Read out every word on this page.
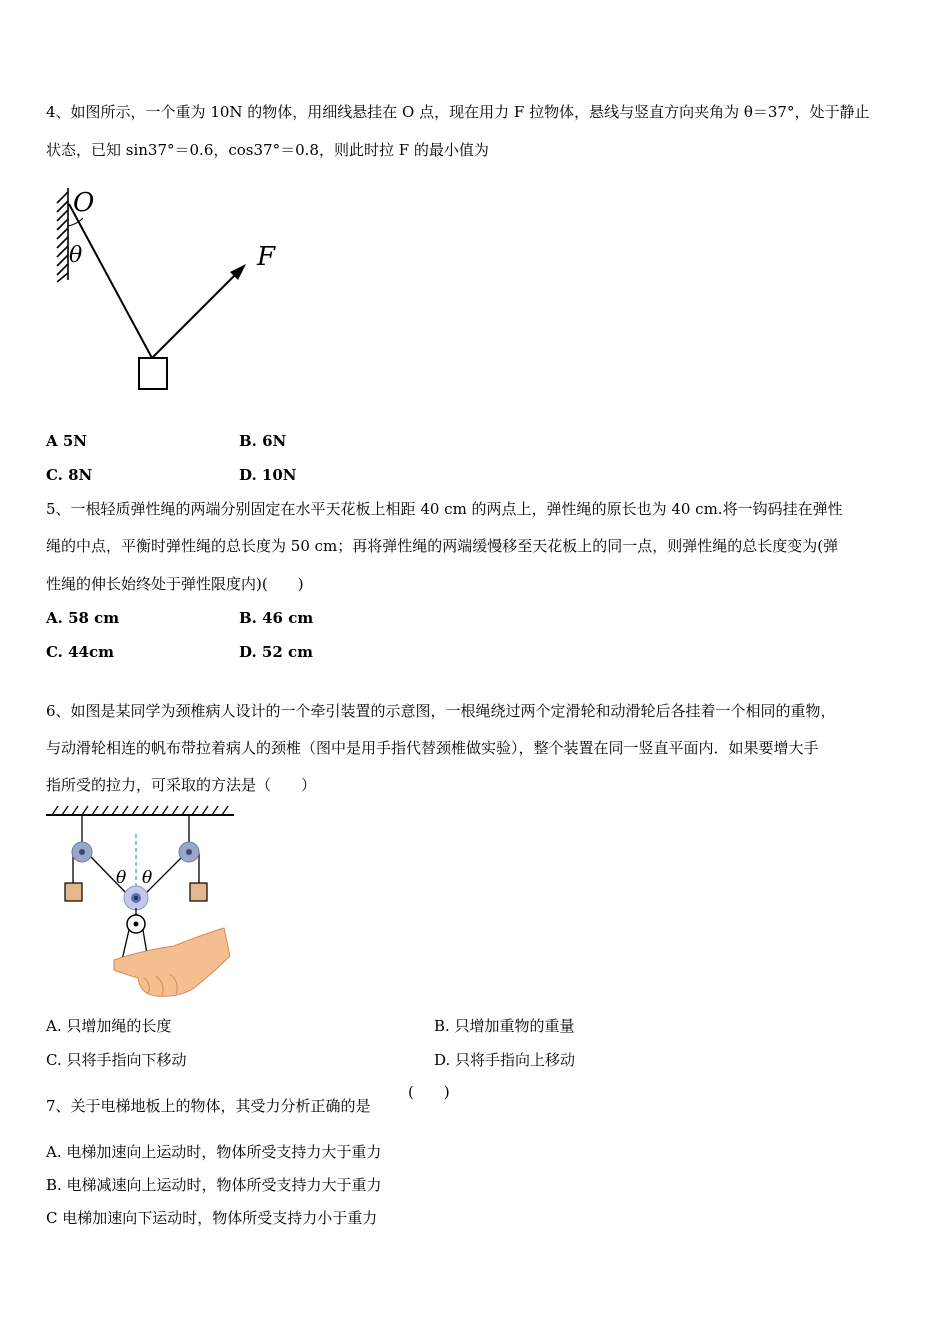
4、如图所示，一个重为 10N 的物体，用细线悬挂在 O 点，现在用力 F 拉物体，悬线与竖直方向夹角为 θ＝37°，处于静止
状态，已知 sin37°＝0.6，cos37°＝0.8，则此时拉 F 的最小值为
O
θ	F
A 5N	B. 6N
C. 8N	D. 10N
5、一根轻质弹性绳的两端分别固定在水平天花板上相距 40 cm 的两点上，弹性绳的原长也为 40 cm.将一钩码挂在弹性
绳的中点，平衡时弹性绳的总长度为 50 cm；再将弹性绳的两端缓慢移至天花板上的同一点，则弹性绳的总长度变为(弹
性绳的伸长始终处于弹性限度内)(　　)
A. 58 cm	B. 46 cm
C. 44cm	D. 52 cm
6、如图是某同学为颈椎病人设计的一个牵引装置的示意图，一根绳绕过两个定滑轮和动滑轮后各挂着一个相同的重物，
与动滑轮相连的帆布带拉着病人的颈椎（图中是用手指代替颈椎做实验），整个装置在同一竖直平面内．如果要增大手
指所受的拉力，可采取的方法是（　　）
θ θ
A. 只增加绳的长度	B. 只增加重物的重量
C. 只将手指向下移动	D. 只将手指向上移动
7、关于电梯地板上的物体，其受力分析正确的是
(　　)
A. 电梯加速向上运动时，物体所受支持力大于重力
B. 电梯减速向上运动时，物体所受支持力大于重力
C 电梯加速向下运动时，物体所受支持力小于重力
